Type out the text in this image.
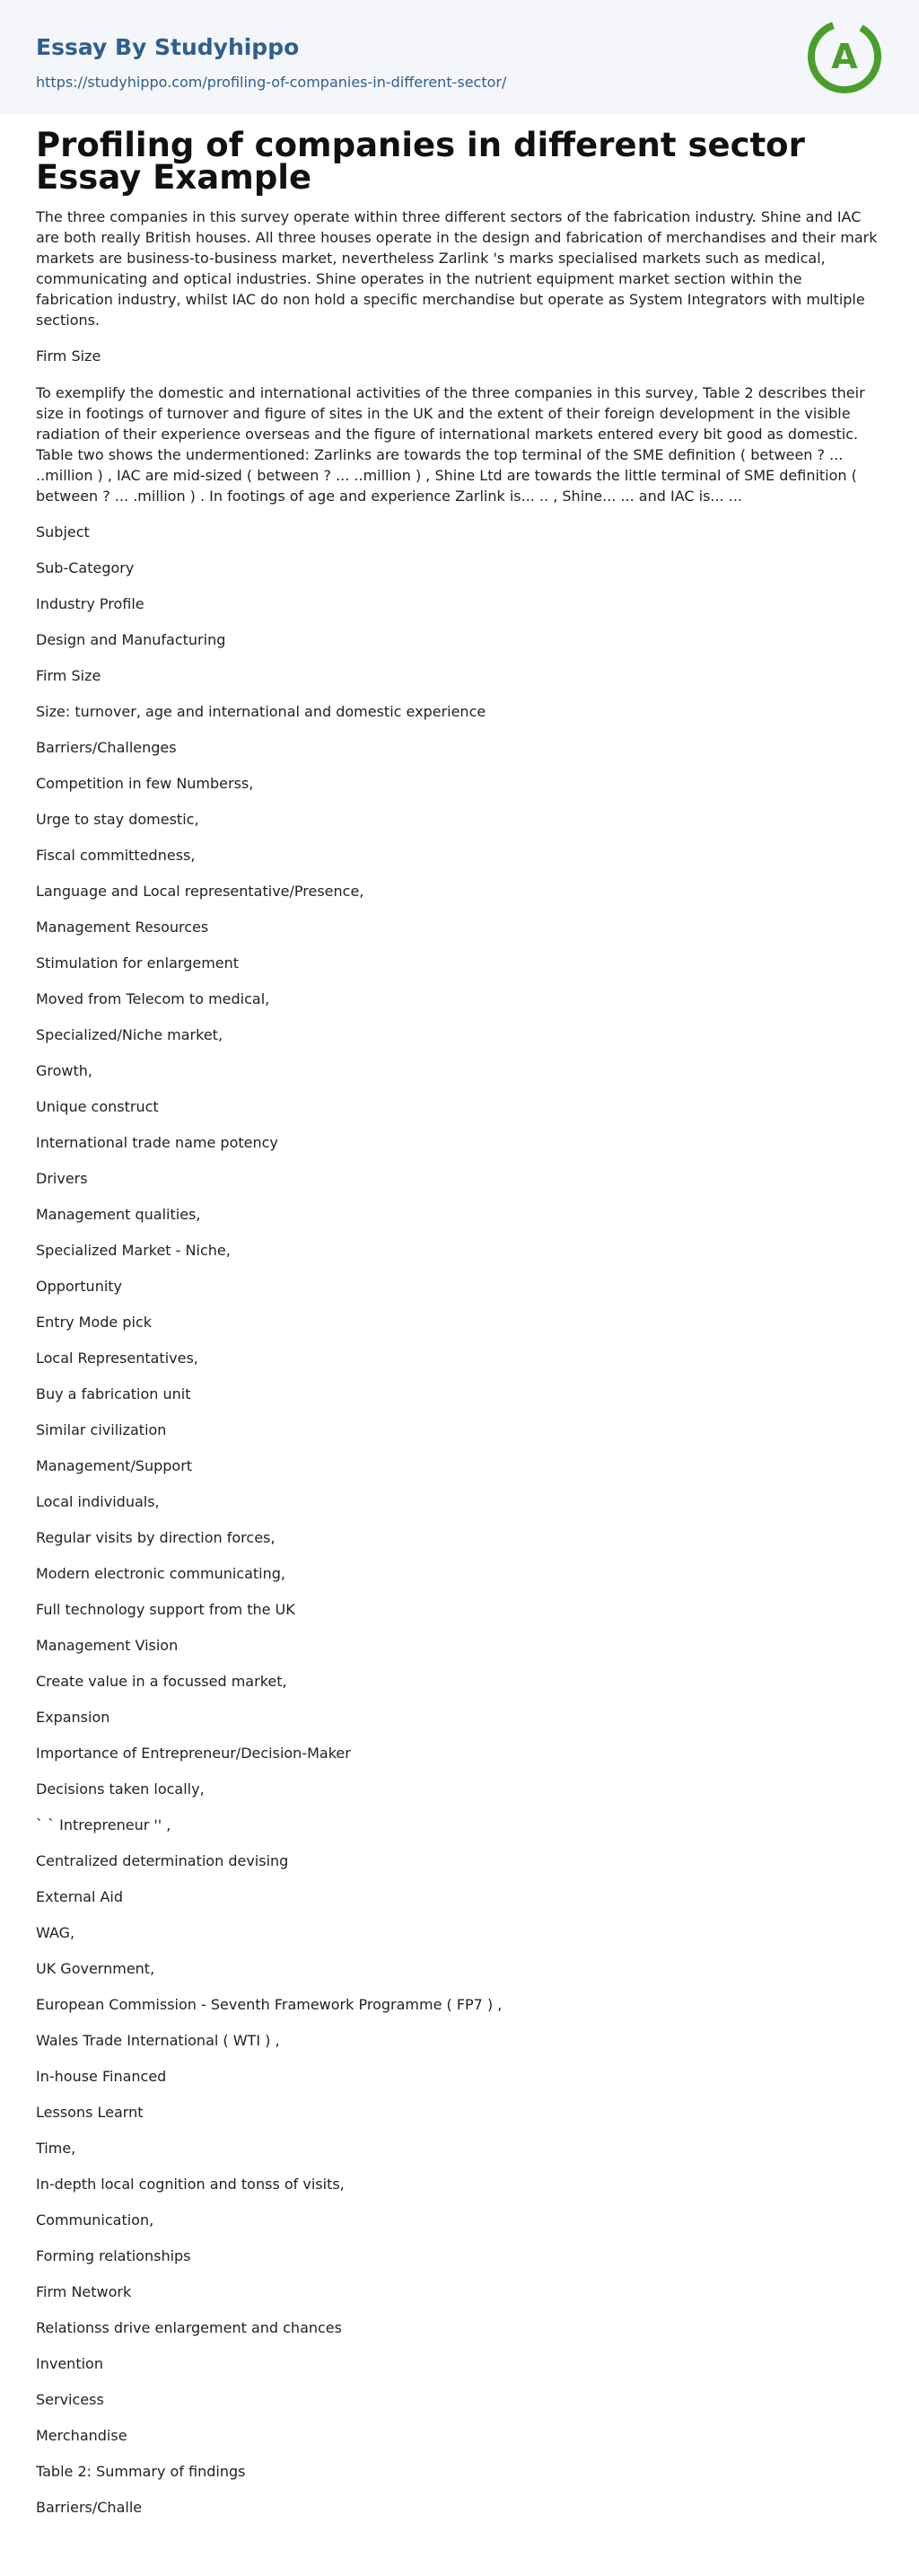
Essay By Studyhippo
https://studyhippo.com/profiling-of-companies-in-different-sector/
A
Profiling of companies in different sector Essay Example

The three companies in this survey operate within three different sectors of the fabrication industry. Shine and IAC are both really British houses. All three houses operate in the design and fabrication of merchandises and their mark markets are business-to-business market, nevertheless Zarlink 's marks specialised markets such as medical, communicating and optical industries. Shine operates in the nutrient equipment market section within the fabrication industry, whilst IAC do non hold a specific merchandise but operate as System Integrators with multiple sections.

Firm Size

To exemplify the domestic and international activities of the three companies in this survey, Table 2 describes their size in footings of turnover and figure of sites in the UK and the extent of their foreign development in the visible radiation of their experience overseas and the figure of international markets entered every bit good as domestic. Table two shows the undermentioned: Zarlinks are towards the top terminal of the SME definition ( between ? ... ..million ) , IAC are mid-sized ( between ? ... ..million ) , Shine Ltd are towards the little terminal of SME definition ( between ? ... .million ) . In footings of age and experience Zarlink is... .. , Shine... ... and IAC is... ...

Subject

Sub-Category

Industry Profile

Design and Manufacturing

Firm Size

Size: turnover, age and international and domestic experience

Barriers/Challenges

Competition in few Numberss,

Urge to stay domestic,

Fiscal committedness,

Language and Local representative/Presence,

Management Resources

Stimulation for enlargement

Moved from Telecom to medical,

Specialized/Niche market,

Growth,

Unique construct

International trade name potency

Drivers

Management qualities,

Specialized Market - Niche,

Opportunity

Entry Mode pick

Local Representatives,

Buy a fabrication unit

Similar civilization

Management/Support

Local individuals,

Regular visits by direction forces,

Modern electronic communicating,

Full technology support from the UK

Management Vision

Create value in a focussed market,

Expansion

Importance of Entrepreneur/Decision-Maker

Decisions taken locally,

` ` Intrepreneur '' ,

Centralized determination devising

External Aid

WAG,

UK Government,

European Commission - Seventh Framework Programme ( FP7 ) ,

Wales Trade International ( WTI ) ,

In-house Financed

Lessons Learnt

Time,

In-depth local cognition and tonss of visits,

Communication,

Forming relationships

Firm Network

Relationss drive enlargement and chances

Invention

Servicess

Merchandise

Table 2: Summary of findings

Barriers/Challe
